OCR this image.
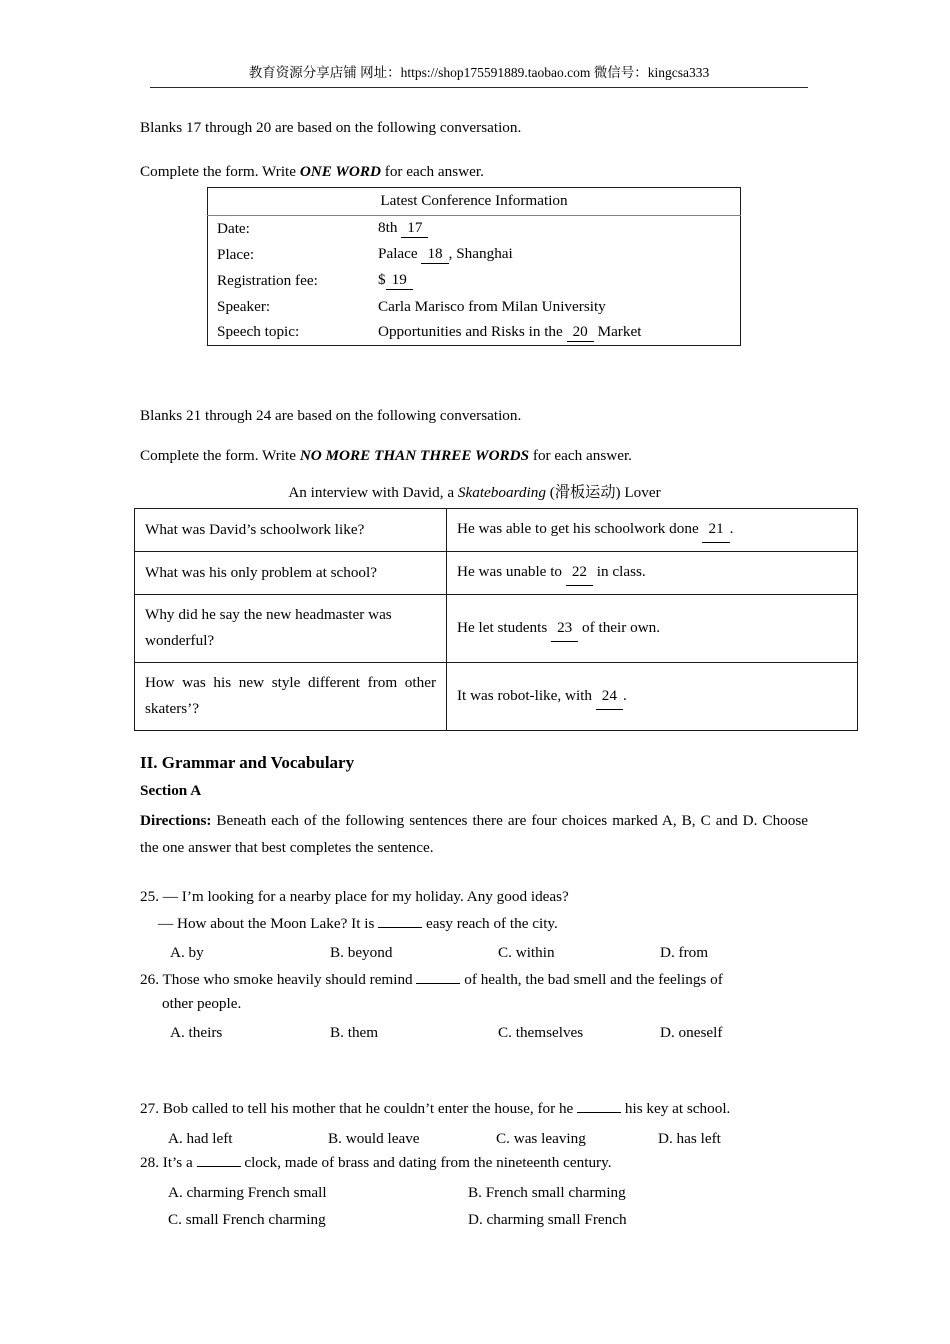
教育资源分享店铺 网址：https://shop175591889.taobao.com 微信号：kingcsa333
Blanks 17 through 20 are based on the following conversation.
Complete the form. Write ONE WORD for each answer.
Latest Conference Information	
Date:	8th 17
Place:	Palace 18 , Shanghai
Registration fee:	$ 19
Speaker:	Carla Marisco from Milan University
Speech topic:	Opportunities and Risks in the 20 Market
Blanks 21 through 24 are based on the following conversation.
Complete the form. Write NO MORE THAN THREE WORDS for each answer.
An interview with David, a Skateboarding (滑板运动) Lover
What was David’s schoolwork like?	He was able to get his schoolwork done 21 .
What was his only problem at school?	He was unable to 22 in class.
Why did he say the new headmaster was wonderful?	He let students 23 of their own.
How was his new style different from other skaters’?	It was robot-like, with 24 .
II. Grammar and Vocabulary
Section A
Directions: Beneath each of the following sentences there are four choices marked A, B, C and D. Choose the one answer that best completes the sentence.
25. — I’m looking for a nearby place for my holiday. Any good ideas?
— How about the Moon Lake? It is	easy reach of the city.
A. by	B. beyond	C. within	D. from
26. Those who smoke heavily should remind	of health, the bad smell and the feelings of
other people.
A. theirs	B. them	C. themselves	D. oneself
27. Bob called to tell his mother that he couldn’t enter the house, for he	his key at school.
A. had left	B. would leave	C. was leaving	D. has left
28. It’s a	clock, made of brass and dating from the nineteenth century.
A. charming French small	B. French small charming
C. small French charming	D. charming small French
